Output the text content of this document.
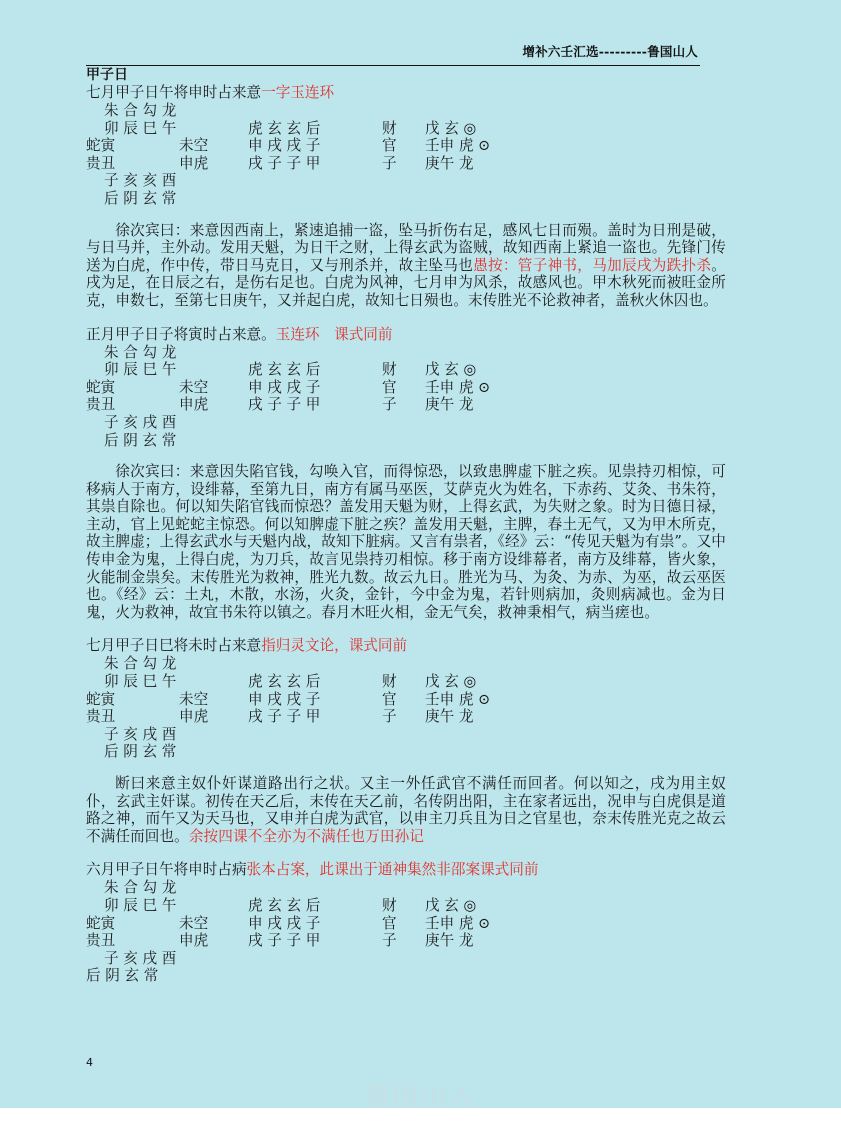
增补六壬汇选---------鲁国山人
甲子日
七月甲子日午将申时占来意一字玉连环
朱 合 勾 龙
卯 辰 巳 午	虎 玄 玄 后	财 戊 玄 ◎
蛇寅	未空	申 戌 戌 子	官 壬申 虎 ⊙
贵丑	申虎	戌 子 子 甲	子 庚午 龙
子 亥 亥 酉
后 阴 玄 常
徐次宾曰：来意因西南上，紧速追捕一盗，坠马折伤右足，感风七日而殒。盖时为日刑是破，与日马并，主外动。发用天魁，为日干之财，上得玄武为盗贼，故知西南上紧追一盗也。先锋门传送为白虎，作中传，带日马克日，又与刑杀并，故主坠马也愚按：管子神书，马加辰戌为跌扑杀。戌为足，在日辰之右，是伤右足也。白虎为风神，七月申为风杀，故感风也。甲木秋死而被旺金所克，申数七，至第七日庚午，又并起白虎，故知七日殒也。末传胜光不论救神者，盖秋火休囚也。
正月甲子日子将寅时占来意。玉连环　课式同前
朱 合 勾 龙
卯 辰 巳 午	虎 玄 玄 后	财 戊 玄 ◎
蛇寅	未空	申 戌 戌 子	官 壬申 虎 ⊙
贵丑	申虎	戌 子 子 甲	子 庚午 龙
子 亥 戌 酉
后 阴 玄 常
徐次宾曰：来意因失陷官钱，勾唤入官，而得惊恐，以致患脾虚下脏之疾。见祟持刃相惊，可移病人于南方，设绯幕，至第九日，南方有属马巫医，艾萨克火为姓名，下赤药、艾灸、书朱符，其祟自除也。何以知失陷官钱而惊恐？盖发用天魁为财，上得玄武，为失财之象。时为日德日禄，主动，官上见蛇蛇主惊恐。何以知脾虚下脏之疾？盖发用天魁，主脾，春土无气，又为甲木所克，故主脾虚；上得玄武水与天魁内战，故知下脏病。又言有祟者，《经》云：“传见天魁为有祟”。又中传申金为鬼，上得白虎，为刀兵，故言见祟持刃相惊。移于南方设绯幕者，南方及绯幕，皆火象，火能制金祟矣。末传胜光为救神，胜光九数。故云九日。胜光为马、为灸、为赤、为巫，故云巫医也。《经》云：土丸，木散，水汤，火灸，金针，今中金为鬼，若针则病加，灸则病减也。金为日鬼，火为救神，故宜书朱符以镇之。春月木旺火相，金无气矣，救神秉相气，病当瘥也。
七月甲子日巳将未时占来意指归灵文论，课式同前
朱 合 勾 龙
卯 辰 巳 午	虎 玄 玄 后	财 戊 玄 ◎
蛇寅	未空	申 戌 戌 子	官 壬申 虎 ⊙
贵丑	申虎	戌 子 子 甲	子 庚午 龙
子 亥 戌 酉
后 阴 玄 常
断曰来意主奴仆奸谋道路出行之状。又主一外任武官不满任而回者。何以知之，戌为用主奴仆，玄武主奸谋。初传在天乙后，末传在天乙前，名传阴出阳，主在家者远出，况申与白虎俱是道路之神，而午又为天马也，又申并白虎为武官，以申主刀兵且为日之官星也，奈末传胜光克之故云不满任而回也。余按四课不全亦为不满任也万田孙记
六月甲子日午将申时占病张本占案，此课出于通神集然非邵案课式同前
朱 合 勾 龙
卯 辰 巳 午	虎 玄 玄 后	财 戊 玄 ◎
蛇寅	未空	申 戌 戌 子	官 壬申 虎 ⊙
贵丑	申虎	戌 子 子 甲	子 庚午 龙
子 亥 戌 酉
后 阴 玄 常
4
鲁国山人
